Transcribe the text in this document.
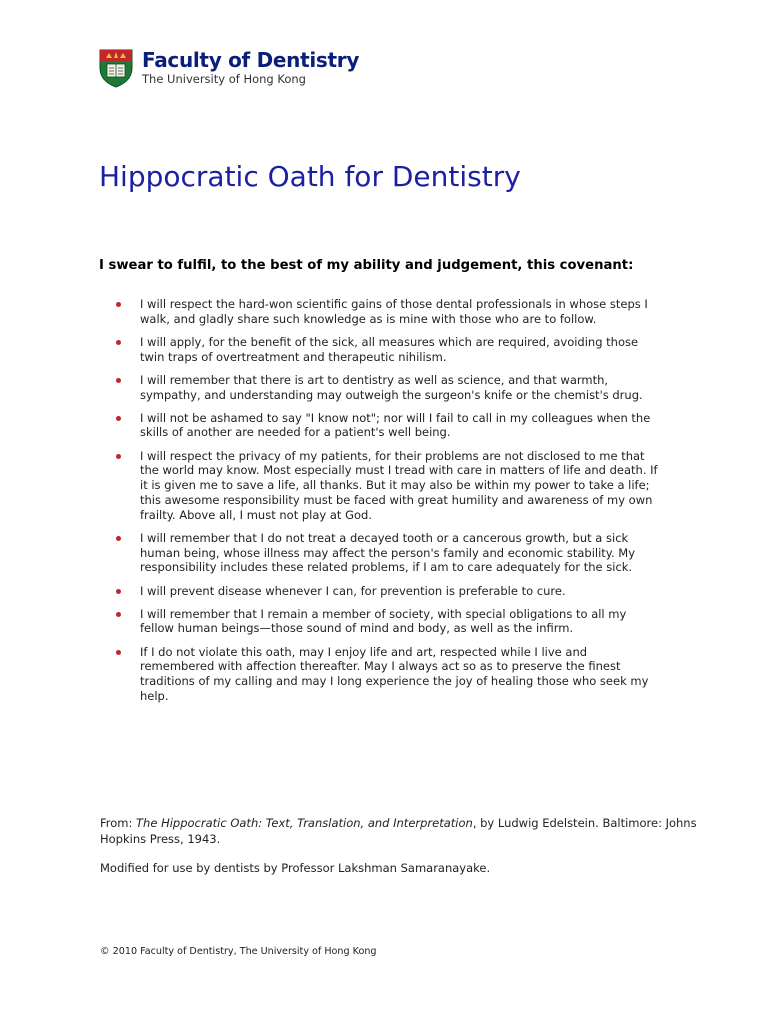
Faculty of Dentistry
The University of Hong Kong
Hippocratic Oath for Dentistry

I swear to fulfil, to the best of my ability and judgement, this covenant:

I will respect the hard-won scientific gains of those dental professionals in whose steps I walk, and gladly share such knowledge as is mine with those who are to follow.
I will apply, for the benefit of the sick, all measures which are required, avoiding those twin traps of overtreatment and therapeutic nihilism.
I will remember that there is art to dentistry as well as science, and that warmth, sympathy, and understanding may outweigh the surgeon's knife or the chemist's drug.
I will not be ashamed to say "I know not"; nor will I fail to call in my colleagues when the skills of another are needed for a patient's well being.
I will respect the privacy of my patients, for their problems are not disclosed to me that the world may know. Most especially must I tread with care in matters of life and death. If it is given me to save a life, all thanks. But it may also be within my power to take a life; this awesome responsibility must be faced with great humility and awareness of my own frailty. Above all, I must not play at God.
I will remember that I do not treat a decayed tooth or a cancerous growth, but a sick human being, whose illness may affect the person's family and economic stability. My responsibility includes these related problems, if I am to care adequately for the sick.
I will prevent disease whenever I can, for prevention is preferable to cure.
I will remember that I remain a member of society, with special obligations to all my fellow human beings—those sound of mind and body, as well as the infirm.
If I do not violate this oath, may I enjoy life and art, respected while I live and remembered with affection thereafter. May I always act so as to preserve the finest traditions of my calling and may I long experience the joy of healing those who seek my help.

From: The Hippocratic Oath: Text, Translation, and Interpretation, by Ludwig Edelstein. Baltimore: Johns Hopkins Press, 1943.

Modified for use by dentists by Professor Lakshman Samaranayake.

© 2010 Faculty of Dentistry, The University of Hong Kong
